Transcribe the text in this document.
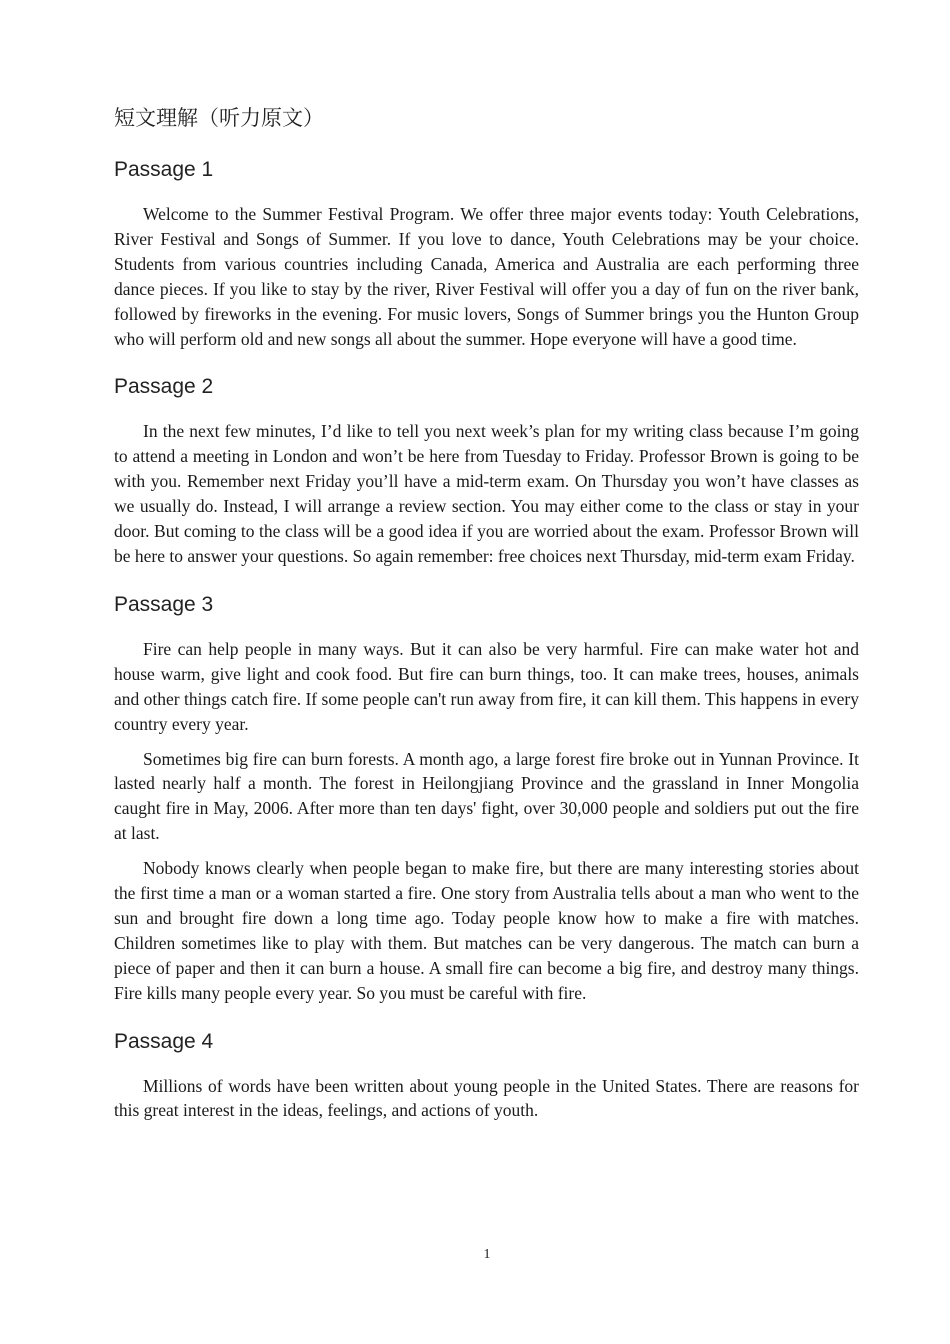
短文理解（听力原文）
Passage 1

Welcome to the Summer Festival Program. We offer three major events today: Youth Celebrations, River Festival and Songs of Summer. If you love to dance, Youth Celebrations may be your choice. Students from various countries including Canada, America and Australia are each performing three dance pieces. If you like to stay by the river, River Festival will offer you a day of fun on the river bank, followed by fireworks in the evening. For music lovers, Songs of Summer brings you the Hunton Group who will perform old and new songs all about the summer. Hope everyone will have a good time.

Passage 2

In the next few minutes, I’d like to tell you next week’s plan for my writing class because I’m going to attend a meeting in London and won’t be here from Tuesday to Friday. Professor Brown is going to be with you. Remember next Friday you’ll have a mid-term exam. On Thursday you won’t have classes as we usually do. Instead, I will arrange a review section. You may either come to the class or stay in your door. But coming to the class will be a good idea if you are worried about the exam. Professor Brown will be here to answer your questions. So again remember: free choices next Thursday, mid-term exam Friday.

Passage 3

Fire can help people in many ways. But it can also be very harmful. Fire can make water hot and house warm, give light and cook food. But fire can burn things, too. It can make trees, houses, animals and other things catch fire. If some people can't run away from fire, it can kill them. This happens in every country every year.

Sometimes big fire can burn forests. A month ago, a large forest fire broke out in Yunnan Province. It lasted nearly half a month. The forest in Heilongjiang Province and the grassland in Inner Mongolia caught fire in May, 2006. After more than ten days' fight, over 30,000 people and soldiers put out the fire at last.

Nobody knows clearly when people began to make fire, but there are many interesting stories about the first time a man or a woman started a fire. One story from Australia tells about a man who went to the sun and brought fire down a long time ago. Today people know how to make a fire with matches. Children sometimes like to play with them. But matches can be very dangerous. The match can burn a piece of paper and then it can burn a house. A small fire can become a big fire, and destroy many things. Fire kills many people every year. So you must be careful with fire.

Passage 4

Millions of words have been written about young people in the United States. There are reasons for this great interest in the ideas, feelings, and actions of youth.

1
